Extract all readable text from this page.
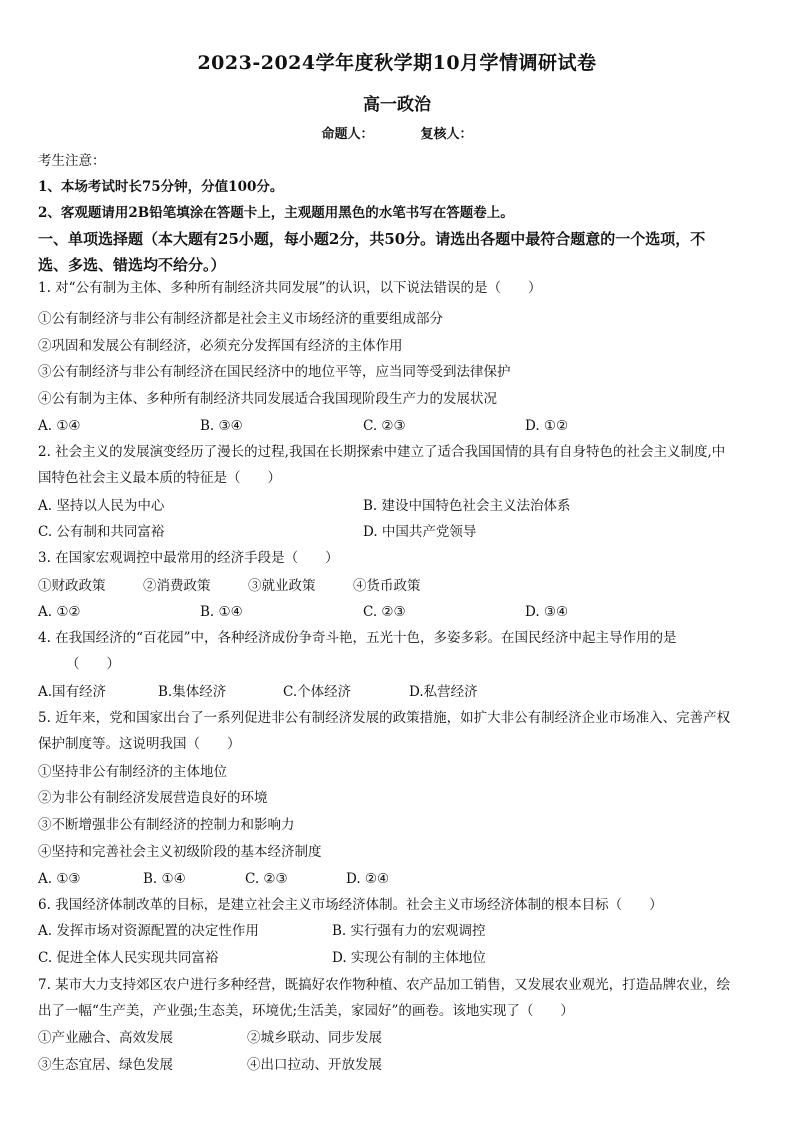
2023-2024学年度秋学期10月学情调研试卷
高一政治
命题人：	复核人：
考生注意：
1、本场考试时长75分钟，分值100分。
2、客观题请用2B铅笔填涂在答题卡上，主观题用黑色的水笔书写在答题卷上。
一、单项选择题（本大题有25小题，每小题2分，共50分。请选出各题中最符合题意的一个选项，不
选、多选、错选均不给分。）
1. 对“公有制为主体、多种所有制经济共同发展”的认识，以下说法错误的是（　　）
①公有制经济与非公有制经济都是社会主义市场经济的重要组成部分
②巩固和发展公有制经济，必须充分发挥国有经济的主体作用
③公有制经济与非公有制经济在国民经济中的地位平等，应当同等受到法律保护
④公有制为主体、多种所有制经济共同发展适合我国现阶段生产力的发展状况
A. ①④	B. ③④	C. ②③	D. ①②
2. 社会主义的发展演变经历了漫长的过程,我国在长期探索中建立了适合我国国情的具有自身特色的社会主义制度,中
国特色社会主义最本质的特征是（　　）
A. 坚持以人民为中心	B. 建设中国特色社会主义法治体系
C. 公有制和共同富裕	D. 中国共产党领导
3. 在国家宏观调控中最常用的经济手段是（　　）
①财政政策	②消费政策	③就业政策	④货币政策
A. ①②	B. ①④	C. ②③	D. ③④
4. 在我国经济的“百花园”中，各种经济成份争奇斗艳，五光十色，多姿多彩。在国民经济中起主导作用的是
（　　）
A.国有经济	B.集体经济	C.个体经济	D.私营经济
5. 近年来，党和国家出台了一系列促进非公有制经济发展的政策措施，如扩大非公有制经济企业市场准入、完善产权
保护制度等。这说明我国（　　）
①坚持非公有制经济的主体地位
②为非公有制经济发展营造良好的环境
③不断增强非公有制经济的控制力和影响力
④坚持和完善社会主义初级阶段的基本经济制度
A. ①③	B. ①④	C. ②③	D. ②④
6. 我国经济体制改革的目标，是建立社会主义市场经济体制。社会主义市场经济体制的根本目标（　　）
A. 发挥市场对资源配置的决定性作用	B. 实行强有力的宏观调控
C. 促进全体人民实现共同富裕	D. 实现公有制的主体地位
7. 某市大力支持郊区农户进行多种经营，既搞好农作物种植、农产品加工销售，又发展农业观光，打造品牌农业，绘
出了一幅“生产美，产业强;生态美，环境优;生活美，家园好”的画卷。该地实现了（　　）
①产业融合、高效发展	②城乡联动、同步发展
③生态宜居、绿色发展	④出口拉动、开放发展
